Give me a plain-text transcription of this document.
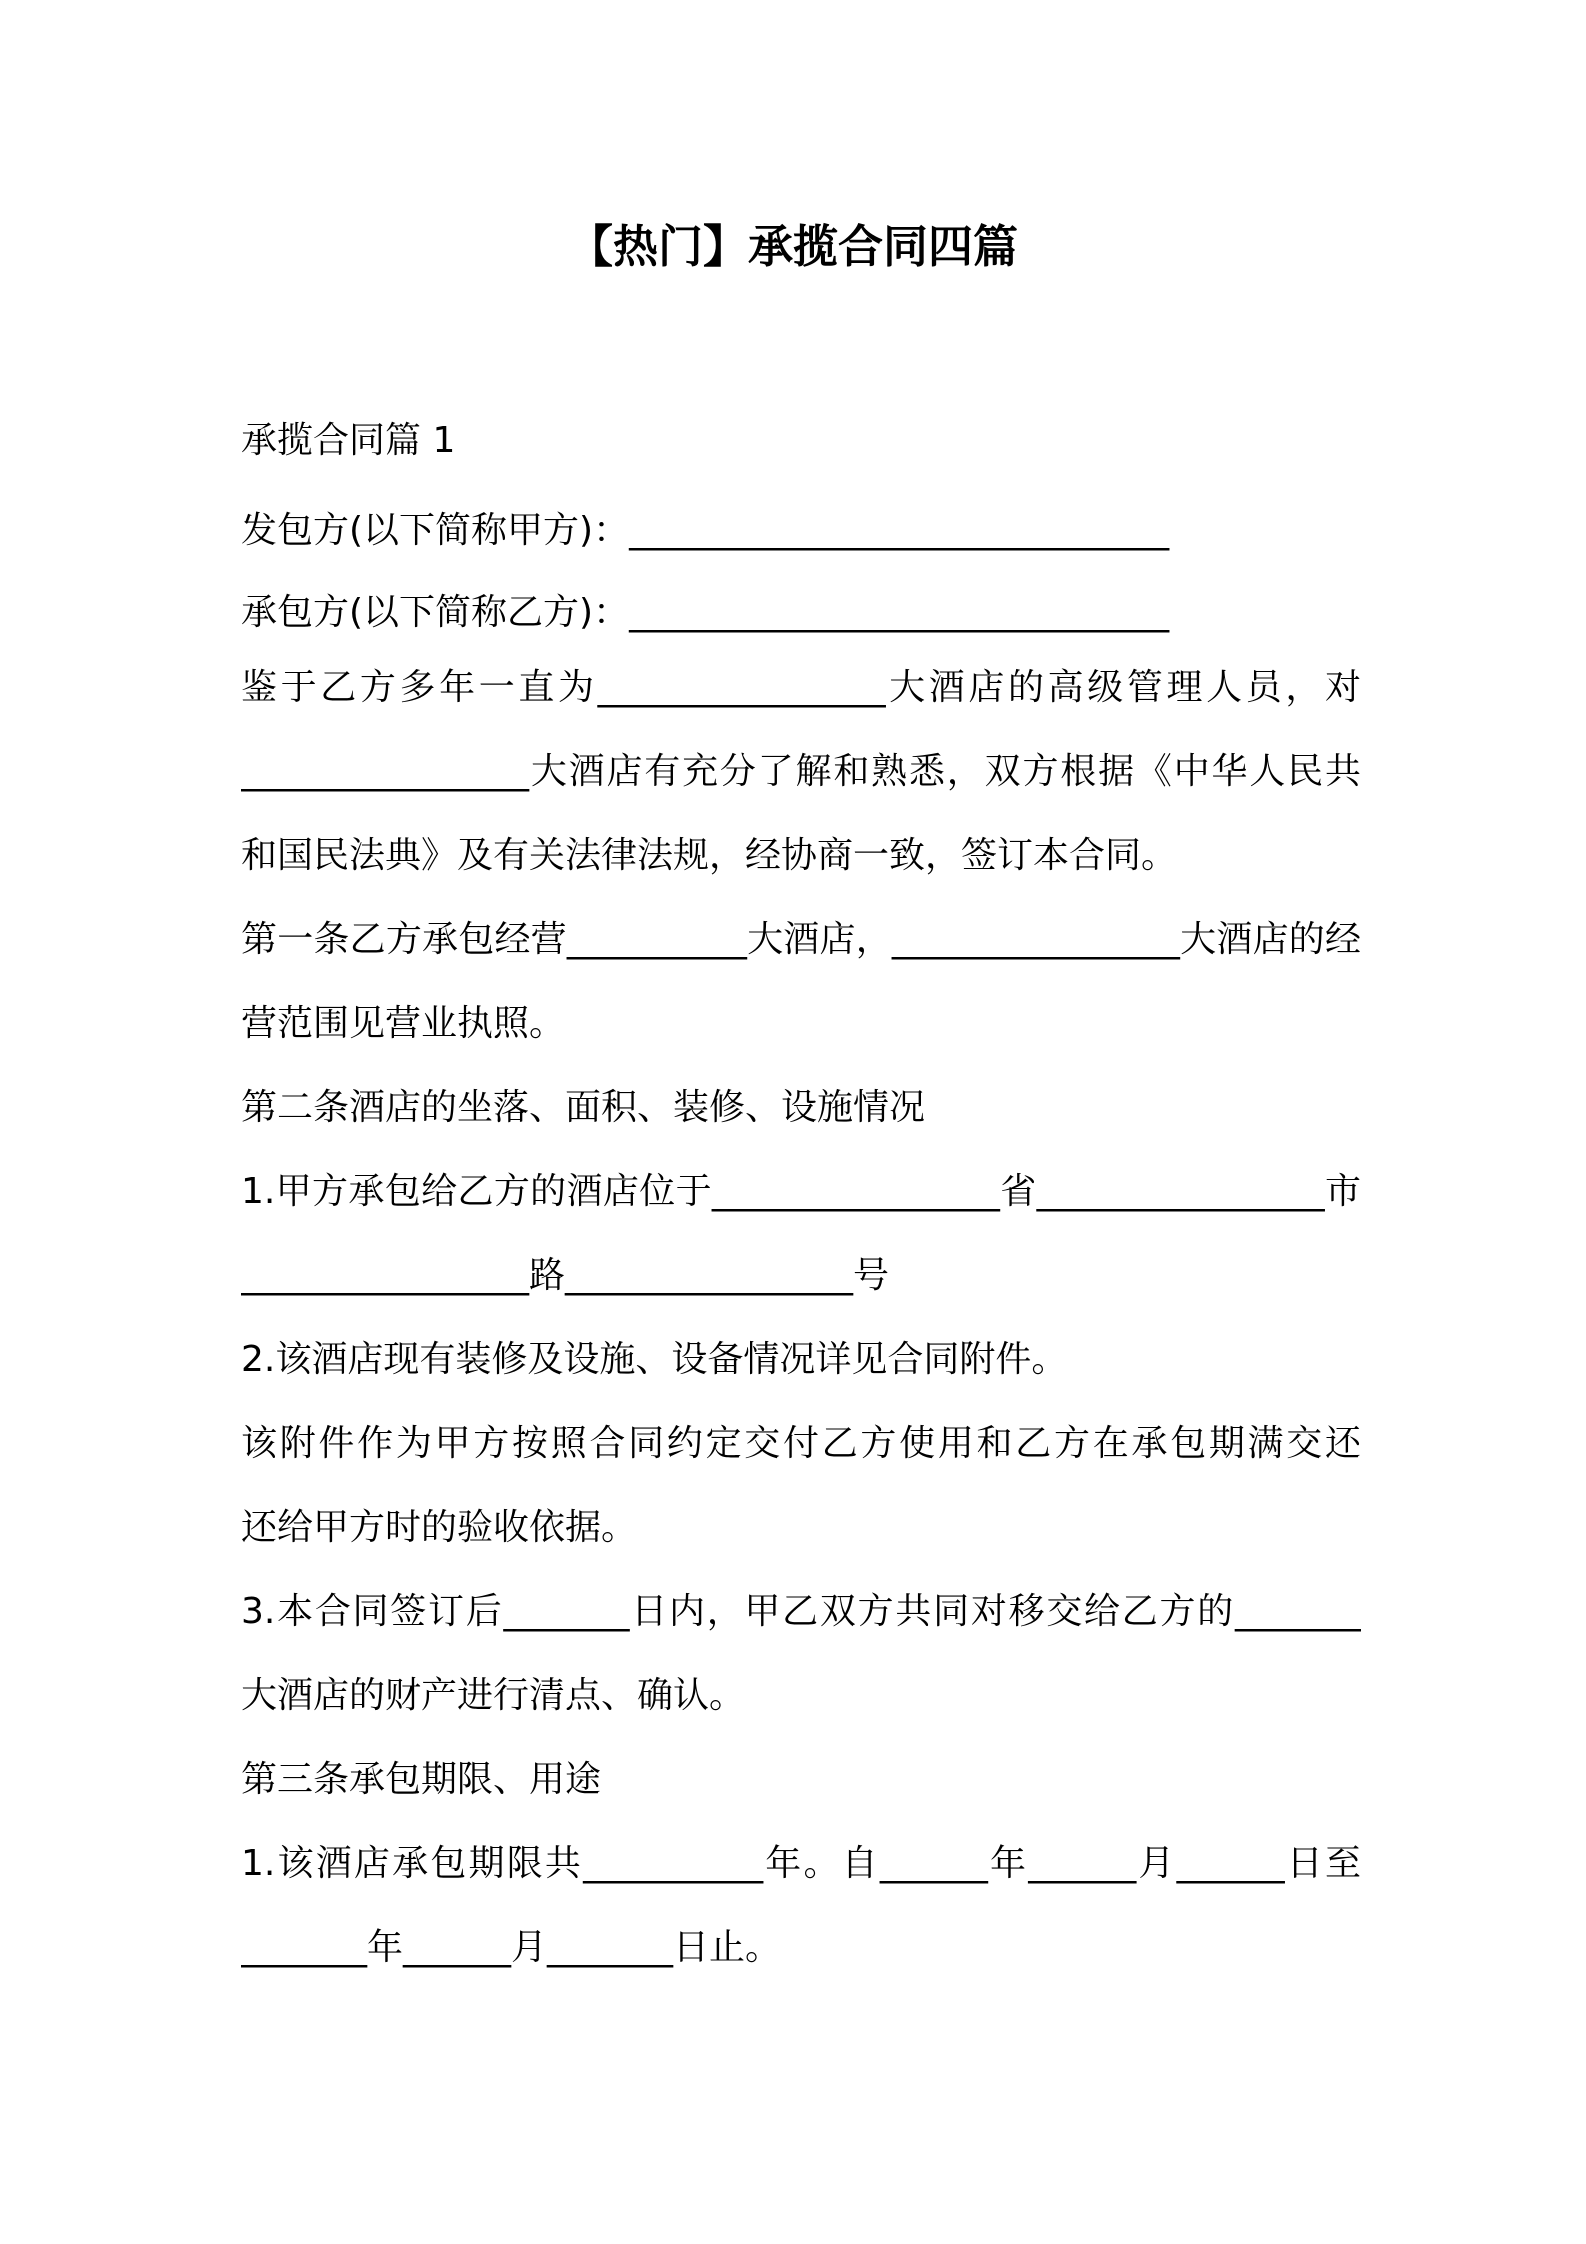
【热门】承揽合同四篇
承揽合同篇 1
发包方(以下简称甲方)：______________________________
承包方(以下简称乙方)：______________________________
鉴于乙方多年一直为________________大酒店的高级管理人员，对
________________大酒店有充分了解和熟悉，双方根据《中华人民共
和国民法典》及有关法律法规，经协商一致，签订本合同。
第一条乙方承包经营__________大酒店，________________大酒店的经
营范围见营业执照。
第二条酒店的坐落、面积、装修、设施情况
1.甲方承包给乙方的酒店位于________________省________________市
________________路________________号
2.该酒店现有装修及设施、设备情况详见合同附件。
该附件作为甲方按照合同约定交付乙方使用和乙方在承包期满交还
还给甲方时的验收依据。
3.本合同签订后_______日内，甲乙双方共同对移交给乙方的_______
大酒店的财产进行清点、确认。
第三条承包期限、用途
1.该酒店承包期限共__________年。自______年______月______日至
_______年______月_______日止。
